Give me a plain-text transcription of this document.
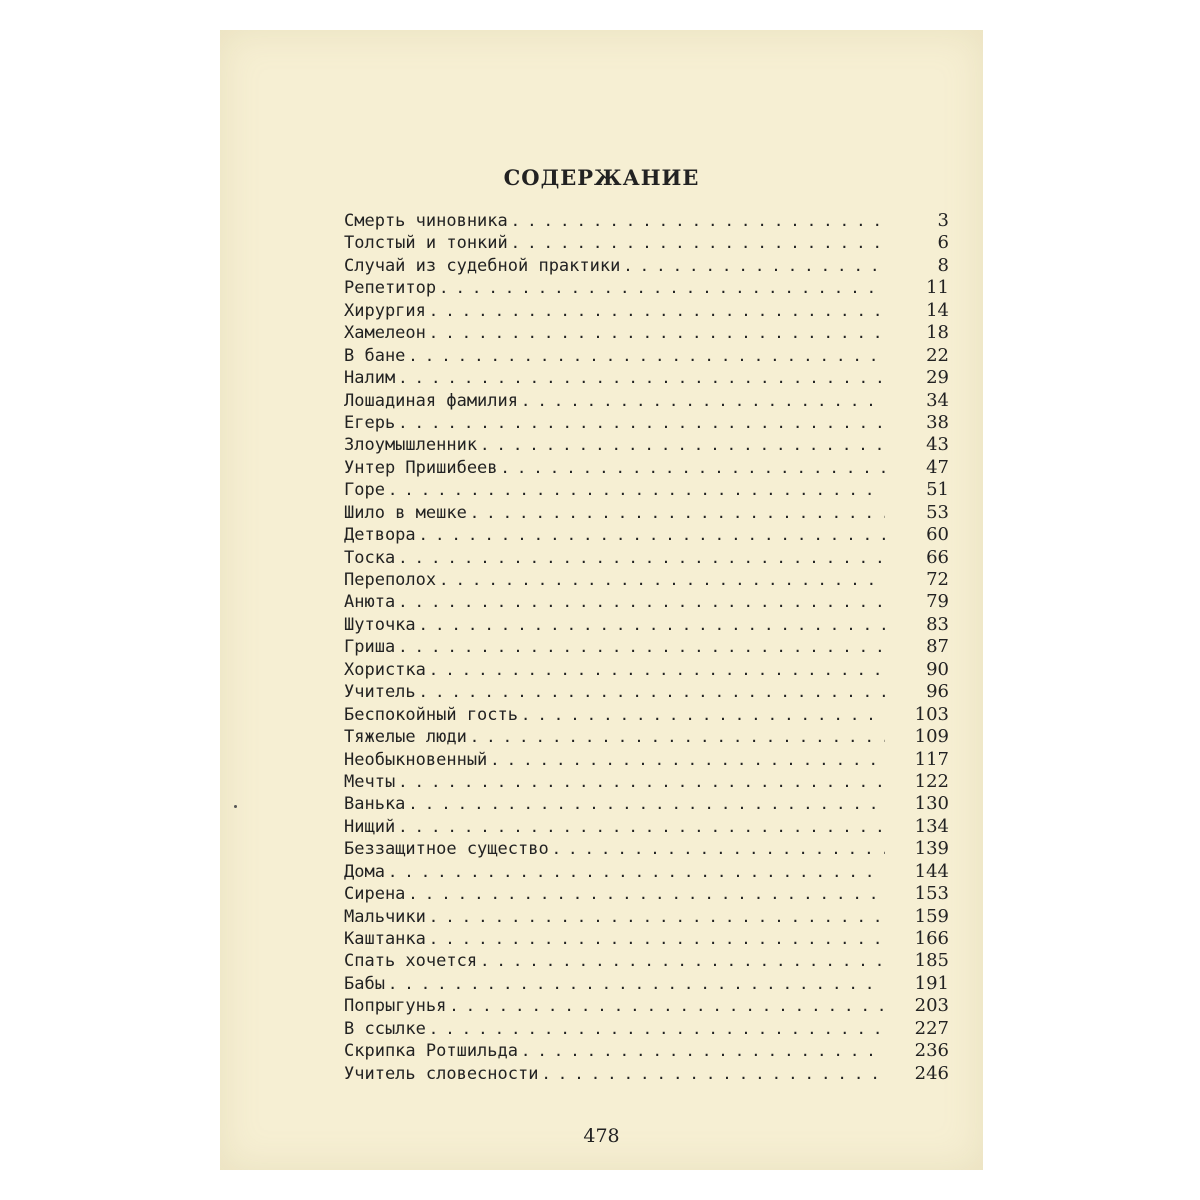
СОДЕРЖАНИЕ
Смерть чиновника . . .	3
Толстый и тонкий . . .	6
Случай из судебной практики . . .	8
Репетитор . . .	11
Хирургия . . .	14
Хамелеон . . .	18
В бане . . .	22
Налим . . .	29
Лошадиная фамилия . . .	34
Егерь . . .	38
Злоумышленник . . .	43
Унтер Пришибеев . . .	47
Горе . . .	51
Шило в мешке . . .	53
Детвора . . .	60
Тоска . . .	66
Переполох . . .	72
Анюта . . .	79
Шуточка . . .	83
Гриша . . .	87
Хористка . . .	90
Учитель . . .	96
Беспокойный гость . . .	103
Тяжелые люди . . .	109
Необыкновенный . . .	117
Мечты . . .	122
Ванька . . .	130
Нищий . . .	134
Беззащитное существо . . .	139
Дома . . .	144
Сирена . . .	153
Мальчики . . .	159
Каштанка . . .	166
Спать хочется . . .	185
Бабы . . .	191
Попрыгунья . . .	203
В ссылке . . .	227
Скрипка Ротшильда . . .	236
Учитель словесности . . .	246
478
